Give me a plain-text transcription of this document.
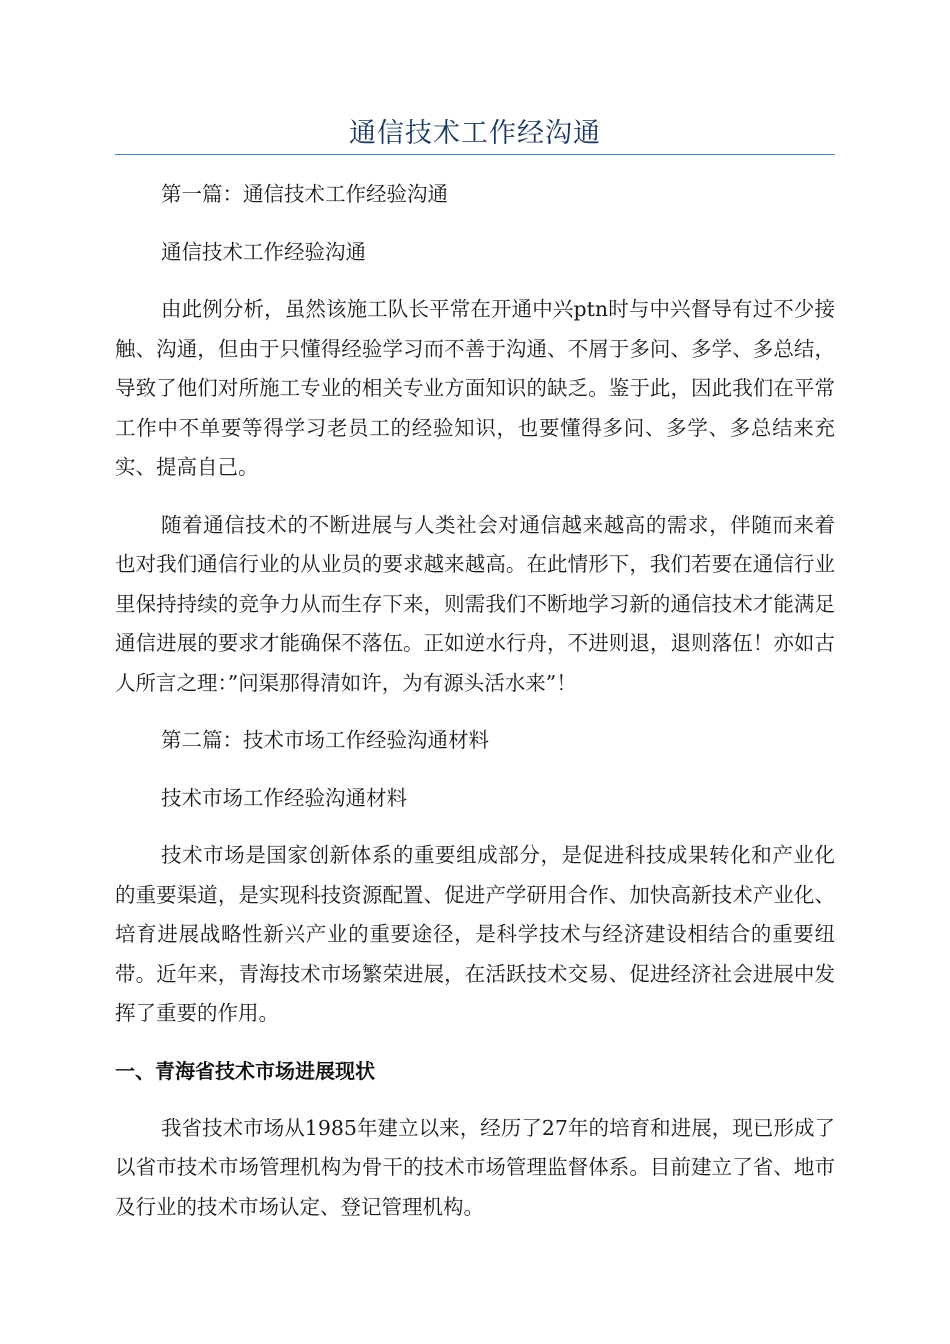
通信技术工作经沟通

第一篇：通信技术工作经验沟通

通信技术工作经验沟通

由此例分析，虽然该施工队长平常在开通中兴ptn时与中兴督导有过不少接触、沟通，但由于只懂得经验学习而不善于沟通、不屑于多问、多学、多总结，导致了他们对所施工专业的相关专业方面知识的缺乏。鉴于此，因此我们在平常工作中不单要等得学习老员工的经验知识，也要懂得多问、多学、多总结来充实、提高自己。

随着通信技术的不断进展与人类社会对通信越来越高的需求，伴随而来着也对我们通信行业的从业员的要求越来越高。在此情形下，我们若要在通信行业里保持持续的竞争力从而生存下来，则需我们不断地学习新的通信技术才能满足通信进展的要求才能确保不落伍。正如逆水行舟，不进则退，退则落伍！亦如古人所言之理：”问渠那得清如许，为有源头活水来”！

第二篇：技术市场工作经验沟通材料

技术市场工作经验沟通材料

技术市场是国家创新体系的重要组成部分，是促进科技成果转化和产业化的重要渠道，是实现科技资源配置、促进产学研用合作、加快高新技术产业化、培育进展战略性新兴产业的重要途径，是科学技术与经济建设相结合的重要纽带。近年来，青海技术市场繁荣进展，在活跃技术交易、促进经济社会进展中发挥了重要的作用。

一、青海省技术市场进展现状

我省技术市场从1985年建立以来，经历了27年的培育和进展，现已形成了以省市技术市场管理机构为骨干的技术市场管理监督体系。目前建立了省、地市及行业的技术市场认定、登记管理机构。
